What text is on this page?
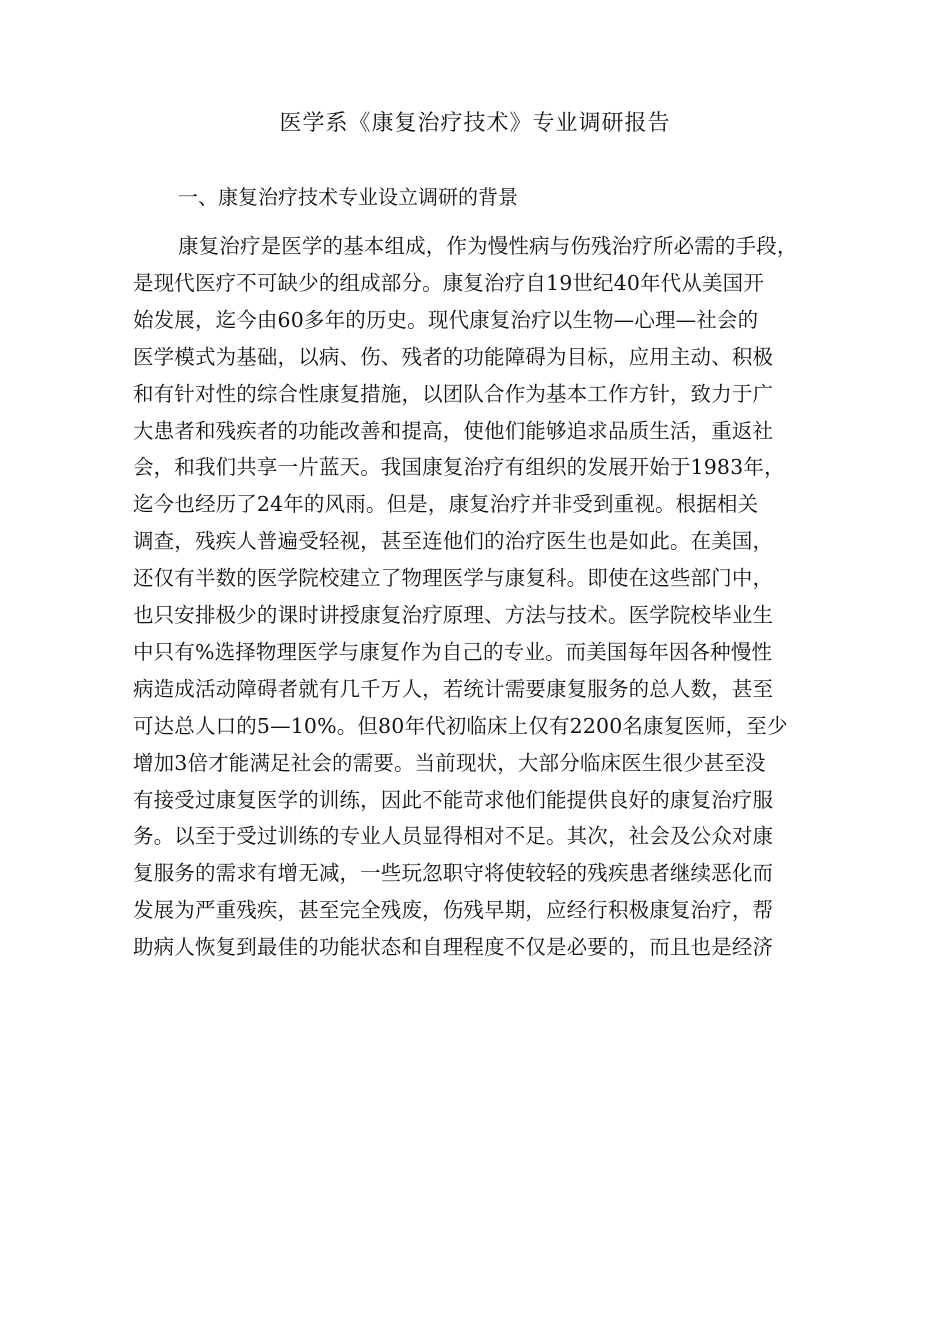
医学系《康复治疗技术》专业调研报告
一、康复治疗技术专业设立调研的背景
康复治疗是医学的基本组成，作为慢性病与伤残治疗所必需的手段，
是现代医疗不可缺少的组成部分。康复治疗自19世纪40年代从美国开
始发展，迄今由60多年的历史。现代康复治疗以生物—心理—社会的
医学模式为基础，以病、伤、残者的功能障碍为目标，应用主动、积极
和有针对性的综合性康复措施，以团队合作为基本工作方针，致力于广
大患者和残疾者的功能改善和提高，使他们能够追求品质生活，重返社
会，和我们共享一片蓝天。我国康复治疗有组织的发展开始于1983年，
迄今也经历了24年的风雨。但是，康复治疗并非受到重视。根据相关
调查，残疾人普遍受轻视，甚至连他们的治疗医生也是如此。在美国，
还仅有半数的医学院校建立了物理医学与康复科。即使在这些部门中，
也只安排极少的课时讲授康复治疗原理、方法与技术。医学院校毕业生
中只有%选择物理医学与康复作为自己的专业。而美国每年因各种慢性
病造成活动障碍者就有几千万人，若统计需要康复服务的总人数，甚至
可达总人口的5—10%。但80年代初临床上仅有2200名康复医师，至少
增加3倍才能满足社会的需要。当前现状，大部分临床医生很少甚至没
有接受过康复医学的训练，因此不能苛求他们能提供良好的康复治疗服
务。以至于受过训练的专业人员显得相对不足。其次，社会及公众对康
复服务的需求有增无减，一些玩忽职守将使较轻的残疾患者继续恶化而
发展为严重残疾，甚至完全残废，伤残早期，应经行积极康复治疗，帮
助病人恢复到最佳的功能状态和自理程度不仅是必要的，而且也是经济
